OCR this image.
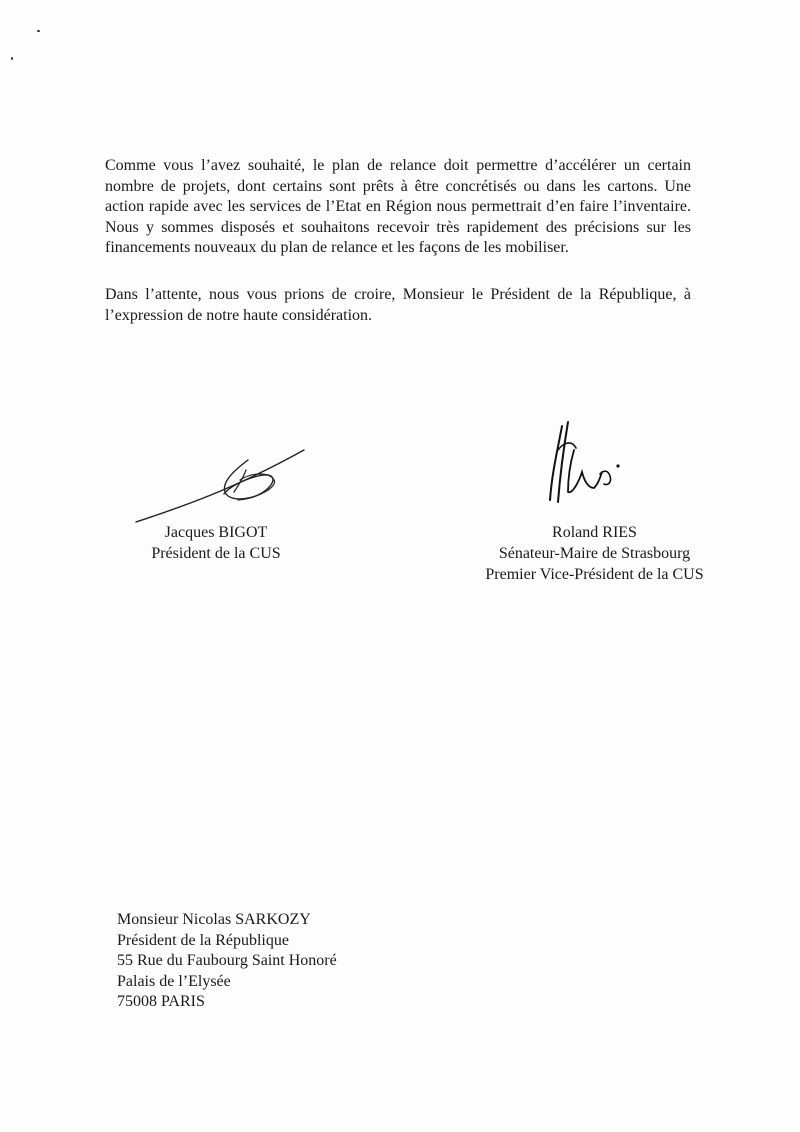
Comme vous l’avez souhaité, le plan de relance doit permettre d’accélérer un certain nombre de projets, dont certains sont prêts à être concrétisés ou dans les cartons. Une action rapide avec les services de l’Etat en Région nous permettrait d’en faire l’inventaire. Nous y sommes disposés et souhaitons recevoir très rapidement des précisions sur les financements nouveaux du plan de relance et les façons de les mobiliser.

Dans l’attente, nous vous prions de croire, Monsieur le Président de la République, à l’expression de notre haute considération.

Jacques BIGOT
Président de la CUS
Roland RIES
Sénateur-Maire de Strasbourg
Premier Vice-Président de la CUS
Monsieur Nicolas SARKOZY
Président de la République
55 Rue du Faubourg Saint Honoré
Palais de l’Elysée
75008 PARIS
